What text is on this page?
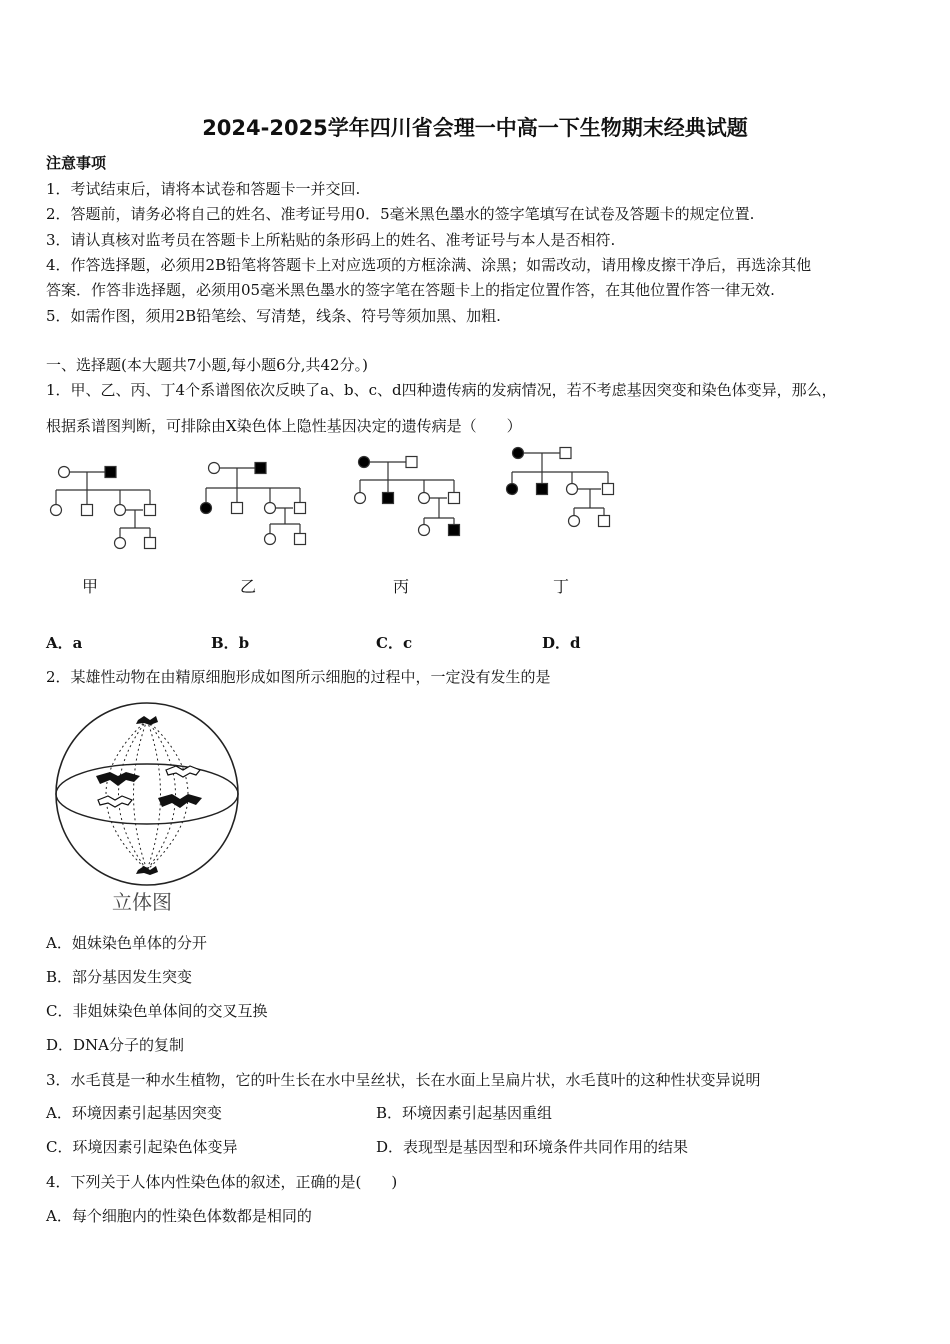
2024-2025学年四川省会理一中高一下生物期末经典试题
注意事项
1．考试结束后，请将本试卷和答题卡一并交回.
2．答题前，请务必将自己的姓名、准考证号用0．5毫米黑色墨水的签字笔填写在试卷及答题卡的规定位置.
3．请认真核对监考员在答题卡上所粘贴的条形码上的姓名、准考证号与本人是否相符.
4．作答选择题，必须用2B铅笔将答题卡上对应选项的方框涂满、涂黑；如需改动，请用橡皮擦干净后，再选涂其他
答案．作答非选择题，必须用05毫米黑色墨水的签字笔在答题卡上的指定位置作答，在其他位置作答一律无效.
5．如需作图，须用2B铅笔绘、写清楚，线条、符号等须加黑、加粗.
一、选择题(本大题共7小题,每小题6分,共42分。)
1．甲、乙、丙、丁4个系谱图依次反映了a、b、c、d四种遗传病的发病情况，若不考虑基因突变和染色体变异，那么，
根据系谱图判断，可排除由X染色体上隐性基因决定的遗传病是（　　）
甲	乙	丙	丁
A．a	B．b	C．c	D．d
2．某雄性动物在由精原细胞形成如图所示细胞的过程中，一定没有发生的是
立体图
A．姐妹染色单体的分开
B．部分基因发生突变
C．非姐妹染色单体间的交叉互换
D．DNA分子的复制
3．水毛茛是一种水生植物，它的叶生长在水中呈丝状，长在水面上呈扁片状，水毛茛叶的这种性状变异说明
A．环境因素引起基因突变	B．环境因素引起基因重组
C．环境因素引起染色体变异	D．表现型是基因型和环境条件共同作用的结果
4．下列关于人体内性染色体的叙述，正确的是(　　)
A．每个细胞内的性染色体数都是相同的
